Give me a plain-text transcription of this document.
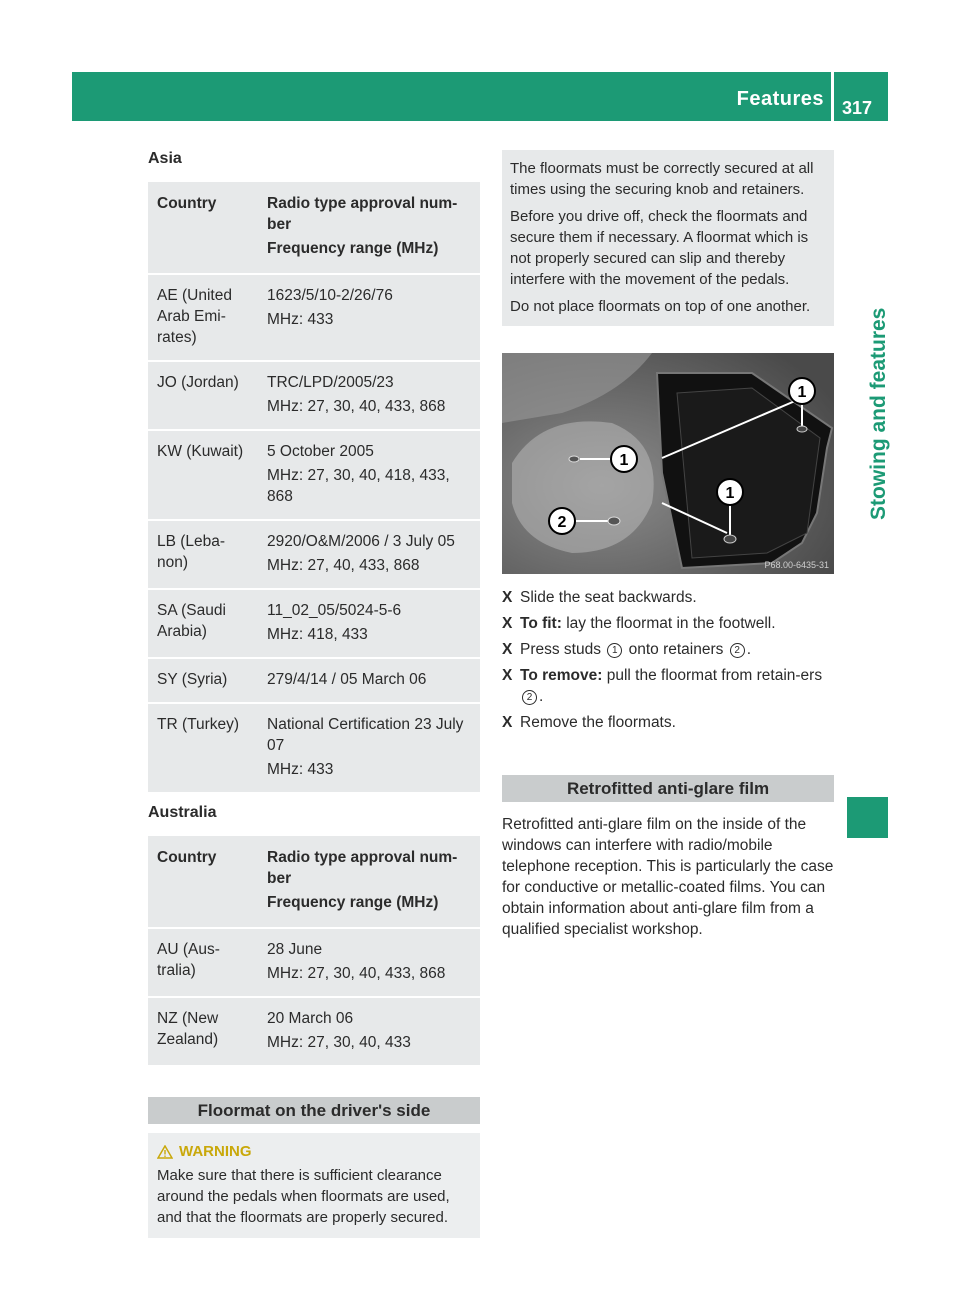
Features 317
Stowing and features
Asia
Country	Radio type approval num-ber
Frequency range (MHz)

AE (United Arab Emi-rates)	1623/5/10-2/26/76
MHz: 433

JO (Jordan)	TRC/LPD/2005/23
MHz: 27, 30, 40, 433, 868

KW (Kuwait)	5 October 2005
MHz: 27, 30, 40, 418, 433, 868

LB (Leba-non)	2920/O&M/2006 / 3 July 05
MHz: 27, 40, 433, 868

SA (Saudi Arabia)	11_02_05/5024-5-6
MHz: 418, 433

SY (Syria)	279/4/14 / 05 March 06
TR (Turkey)	National Certification 23 July 07
MHz: 433
Australia
Country	Radio type approval num-ber
Frequency range (MHz)

AU (Aus-tralia)	28 June
MHz: 27, 30, 40, 433, 868

NZ (New Zealand)	20 March 06
MHz: 27, 30, 40, 433
Floormat on the driver's side
WARNING
Make sure that there is sufficient clearance around the pedals when floormats are used, and that the floormats are properly secured.

The floormats must be correctly secured at all times using the securing knob and retainers.

Before you drive off, check the floormats and secure them if necessary. A floormat which is not properly secured can slip and thereby interfere with the movement of the pedals.

Do not place floormats on top of one another.

1
1
1
2
P68.00-6435-31
X Slide the seat backwards.
X To fit: lay the floormat in the footwell.
X Press studs 1 onto retainers 2 .
X To remove: pull the floormat from retain-ers 2 .
X Remove the floormats.
Retrofitted anti-glare film
Retrofitted anti-glare film on the inside of the windows can interfere with radio/mobile telephone reception. This is particularly the case for conductive or metallic-coated films. You can obtain information about anti-glare film from a qualified specialist workshop.
